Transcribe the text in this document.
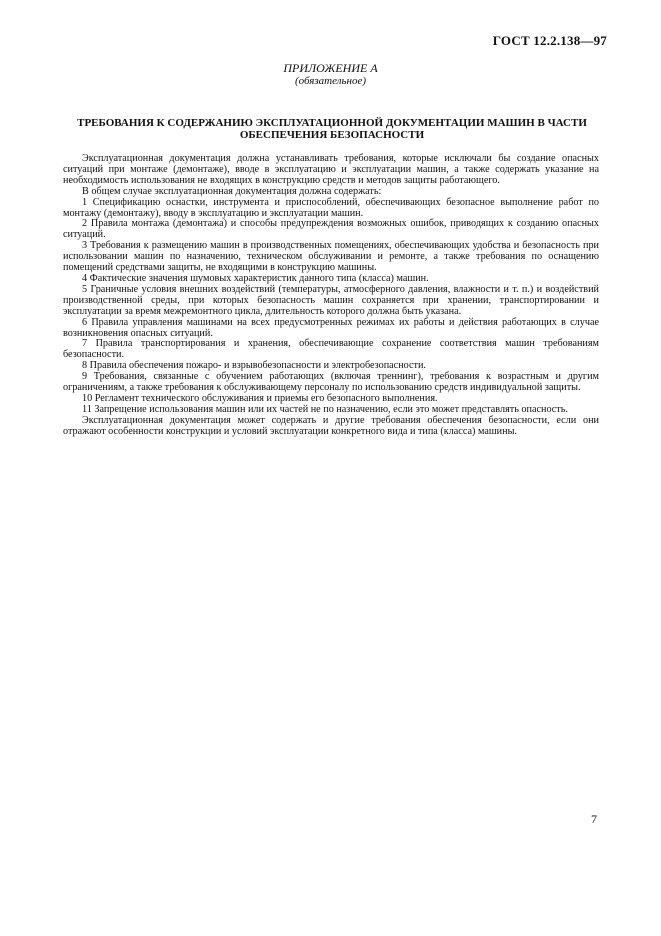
ГОСТ 12.2.138—97
ПРИЛОЖЕНИЕ А
(обязательное)
ТРЕБОВАНИЯ К СОДЕРЖАНИЮ ЭКСПЛУАТАЦИОННОЙ ДОКУМЕНТАЦИИ МАШИН В ЧАСТИ ОБЕСПЕЧЕНИЯ БЕЗОПАСНОСТИ

Эксплуатационная документация должна устанавливать требования, которые исключали бы создание опасных ситуаций при монтаже (демонтаже), вводе в эксплуатацию и эксплуатации машин, а также содержать указание на необходимость использования не входящих в конструкцию средств и методов защиты работающего.

В общем случае эксплуатационная документация должна содержать:

1 Спецификацию оснастки, инструмента и приспособлений, обеспечивающих безопасное выполнение работ по монтажу (демонтажу), вводу в эксплуатацию и эксплуатации машин.

2 Правила монтажа (демонтажа) и способы предупреждения возможных ошибок, приводящих к созданию опасных ситуаций.

3 Требования к размещению машин в производственных помещениях, обеспечивающих удобства и безопасность при использовании машин по назначению, техническом обслуживании и ремонте, а также требования по оснащению помещений средствами защиты, не входящими в конструкцию машины.

4 Фактические значения шумовых характеристик данного типа (класса) машин.

5 Граничные условия внешних воздействий (температуры, атмосферного давления, влажности и т. п.) и воздействий производственной среды, при которых безопасность машин сохраняется при хранении, транспортировании и эксплуатации за время межремонтного цикла, длительность которого должна быть указана.

6 Правила управления машинами на всех предусмотренных режимах их работы и действия работающих в случае возникновения опасных ситуаций.

7 Правила транспортирования и хранения, обеспечивающие сохранение соответствия машин требованиям безопасности.

8 Правила обеспечения пожаро- и взрывобезопасности и электробезопасности.

9 Требования, связанные с обучением работающих (включая треннинг), требования к возрастным и другим ограничениям, а также требования к обслуживающему персоналу по использованию средств индивидуальной защиты.

10 Регламент технического обслуживания и приемы его безопасного выполнения.

11 Запрещение использования машин или их частей не по назначению, если это может представлять опасность.

Эксплуатационная документация может содержать и другие требования обеспечения безопасности, если они отражают особенности конструкции и условий эксплуатации конкретного вида и типа (класса) машины.

7
